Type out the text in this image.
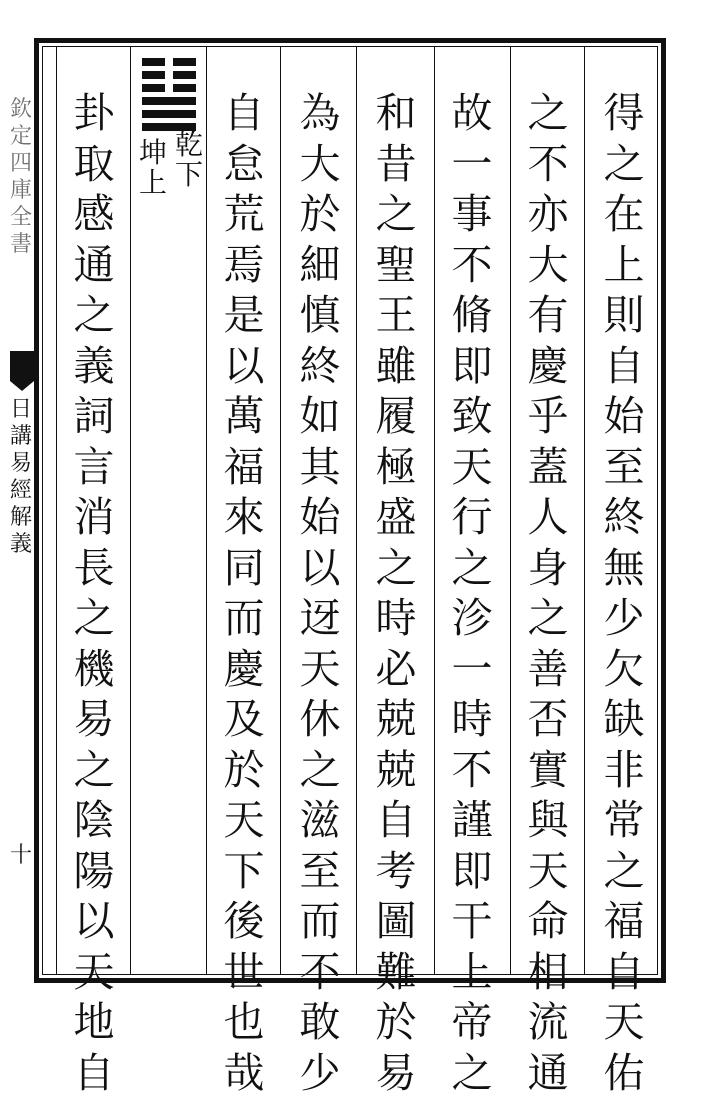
欽
定
四
庫
全
書
日
講
易
經
解
義
十
得
之
在
上
則
自
始
至
終
無
少
欠
缺
非
常
之
福
自
天
佑
之
不
亦
大
有
慶
乎
蓋
人
身
之
善
否
實
與
天
命
相
流
通
故
一
事
不
脩
即
致
天
行
之
沴
一
時
不
謹
即
干
上
帝
之
和
昔
之
聖
王
雖
履
極
盛
之
時
必
兢
兢
自
考
圖
難
於
易
為
大
於
細
慎
終
如
其
始
以
迓
天
休
之
滋
至
而
不
敢
少
自
怠
荒
焉
是
以
萬
福
來
同
而
慶
及
於
天
下
後
世
也
哉
卦
取
感
通
之
義
詞
言
消
長
之
機
易
之
陰
陽
以
天
地
自
乾
下
坤
上
